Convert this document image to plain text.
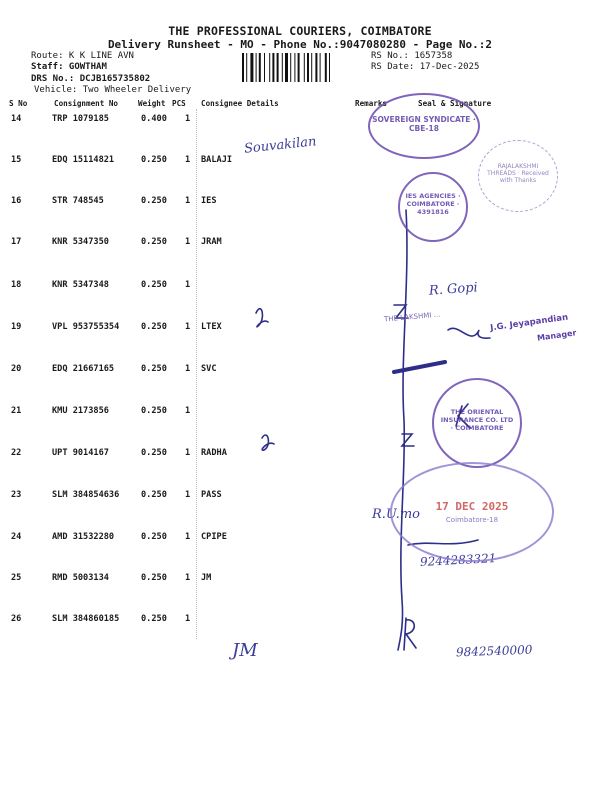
THE PROFESSIONAL COURIERS, COIMBATORE
Delivery Runsheet - MO - Phone No.:9047080280 - Page No.:2
Route: K K LINE AVN
Staff: GOWTHAM
DRS No.: DCJB165735802
Vehicle: Two Wheeler Delivery
RS No.: 1657358
RS Date: 17-Dec-2025
S No	Consignment No	Weight PCS Consignee Details	Remarks	Seal & Signature
14	TRP 1079185	0.400 1
15	EDQ 15114821	0.250 1 BALAJI
16	STR 748545	0.250 1 IES
17	KNR 5347350	0.250 1 JRAM
18	KNR 5347348	0.250 1
19	VPL 953755354	0.250 1 LTEX
20	EDQ 21667165	0.250 1 SVC
21	KMU 2173856	0.250 1
22	UPT 9014167	0.250 1 RADHA
23	SLM 384854636	0.250 1 PASS
24	AMD 31532280	0.250 1 CPIPE
25	RMD 5003134	0.250 1 JM
26	SLM 384860185	0.250 1
Souvakilan
R. Gopi
9244283321
R.U.mo
JM	9842540000
SOVEREIGN SYNDICATE · CBE-18
IES AGENCIES · COIMBATORE · 4391816
RAJALAKSHMI THREADS · Received with Thanks
THE LAKSHMI ...	J.G. Jeyapandian
Manager
THE ORIENTAL INSURANCE CO. LTD · COIMBATORE
17 DEC 2025
Coimbatore-18
